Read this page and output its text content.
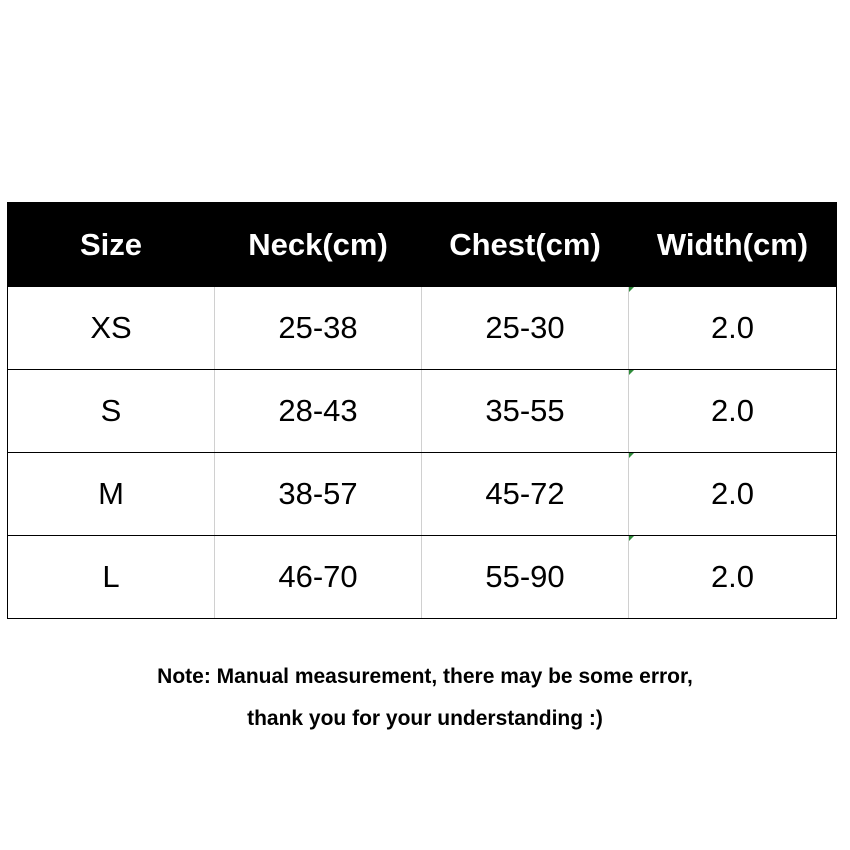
Size	Neck(cm)	Chest(cm)	Width(cm)
XS	25-38	25-30	2.0
S	28-43	35-55	2.0
M	38-57	45-72	2.0
L	46-70	55-90	2.0
Note: Manual measurement, there may be some error,
thank you for your understanding :)
